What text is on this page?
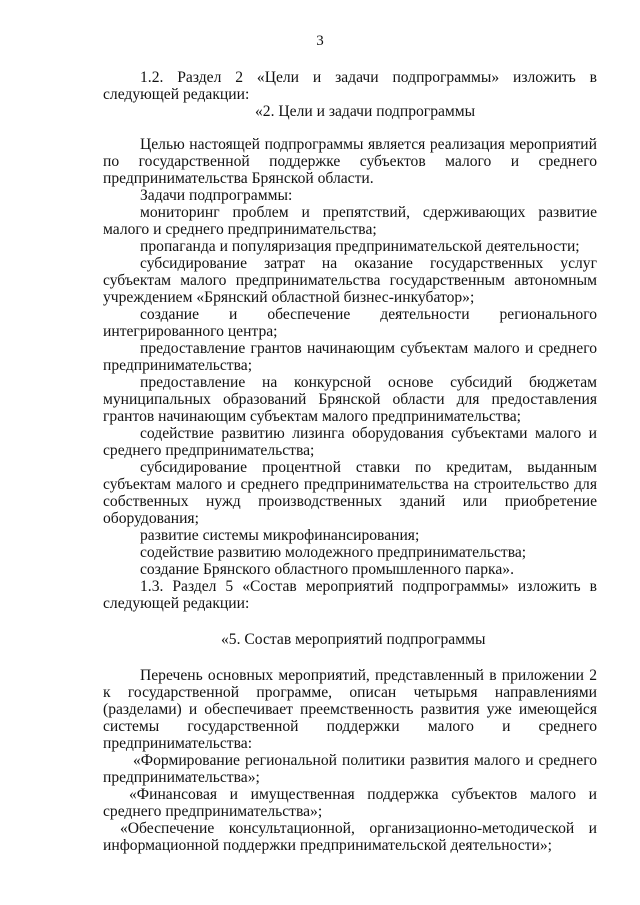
3

1.2. Раздел 2 «Цели и задачи подпрограммы» изложить в следующей редакции:

«2. Цели и задачи подпрограммы

Целью настоящей подпрограммы является реализация мероприятий по государственной поддержке субъектов малого и среднего предпринимательства Брянской области.

Задачи подпрограммы:

мониторинг проблем и препятствий, сдерживающих развитие малого и среднего предпринимательства;

пропаганда и популяризация предпринимательской деятельности;

субсидирование затрат на оказание государственных услуг субъектам малого предпринимательства государственным автономным учреждением «Брянский областной бизнес-инкубатор»;

создание и обеспечение деятельности регионального интегрированного центра;

предоставление грантов начинающим субъектам малого и среднего предпринимательства;

предоставление на конкурсной основе субсидий бюджетам муниципальных образований Брянской области для предоставления грантов начинающим субъектам малого предпринимательства;

содействие развитию лизинга оборудования субъектами малого и среднего предпринимательства;

субсидирование процентной ставки по кредитам, выданным субъектам малого и среднего предпринимательства на строительство для собственных нужд производственных зданий или приобретение оборудования;

развитие системы микрофинансирования;

содействие развитию молодежного предпринимательства;

создание Брянского областного промышленного парка».

1.3. Раздел 5 «Состав мероприятий подпрограммы» изложить в следующей редакции:

«5. Состав мероприятий подпрограммы

Перечень основных мероприятий, представленный в приложении 2 к государственной программе, описан четырьмя направлениями (разделами) и обеспечивает преемственность развития уже имеющейся системы государственной поддержки малого и среднего предпринимательства:

«Формирование региональной политики развития малого и среднего предпринимательства»;

«Финансовая и имущественная поддержка субъектов малого и среднего предпринимательства»;

«Обеспечение консультационной, организационно-методической и информационной поддержки предпринимательской деятельности»;
